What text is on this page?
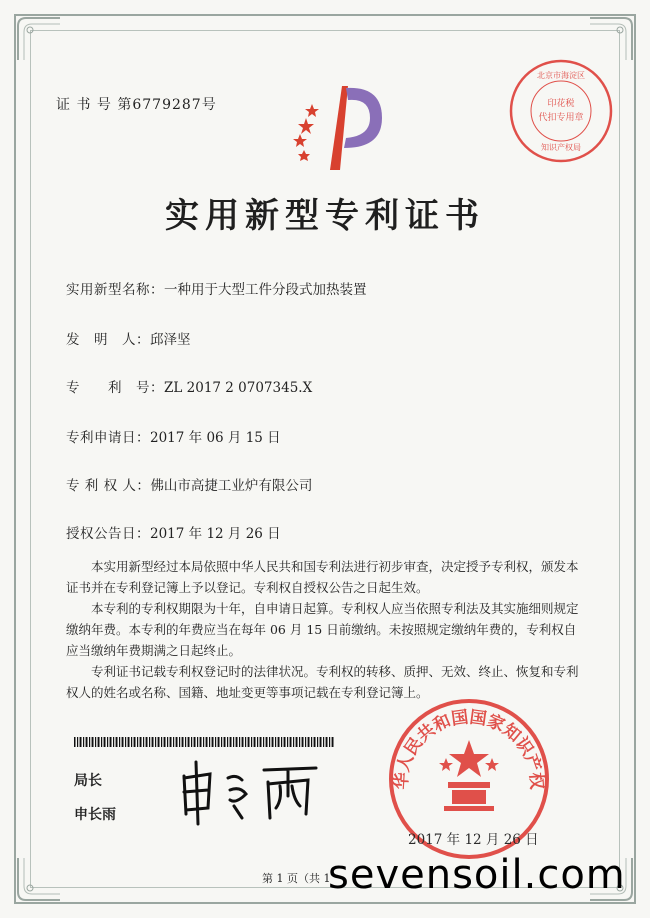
证 书 号 第6779287号	印花税
代扣专用章
北京市海淀区
知识产权局
实用新型专利证书
实用新型名称：一种用于大型工件分段式加热装置
发　明　人：邱泽坚
专　　利　号：ZL 2017 2 0707345.X
专利申请日：2017 年 06 月 15 日
专 利 权 人：佛山市高捷工业炉有限公司
授权公告日：2017 年 12 月 26 日

本实用新型经过本局依照中华人民共和国专利法进行初步审查，决定授予专利权，颁发本证书并在专利登记簿上予以登记。专利权自授权公告之日起生效。

本专利的专利权期限为十年，自申请日起算。专利权人应当依照专利法及其实施细则规定缴纳年费。本专利的年费应当在每年 06 月 15 日前缴纳。未按照规定缴纳年费的，专利权自应当缴纳年费期满之日起终止。

专利证书记载专利权登记时的法律状况。专利权的转移、质押、无效、终止、恢复和专利权人的姓名或名称、国籍、地址变更等事项记载在专利登记簿上。

局长
申长雨
华人民共和国国家知识产权
2017 年 12 月 26 日
第 1 页（共 1
sevensoil.com
